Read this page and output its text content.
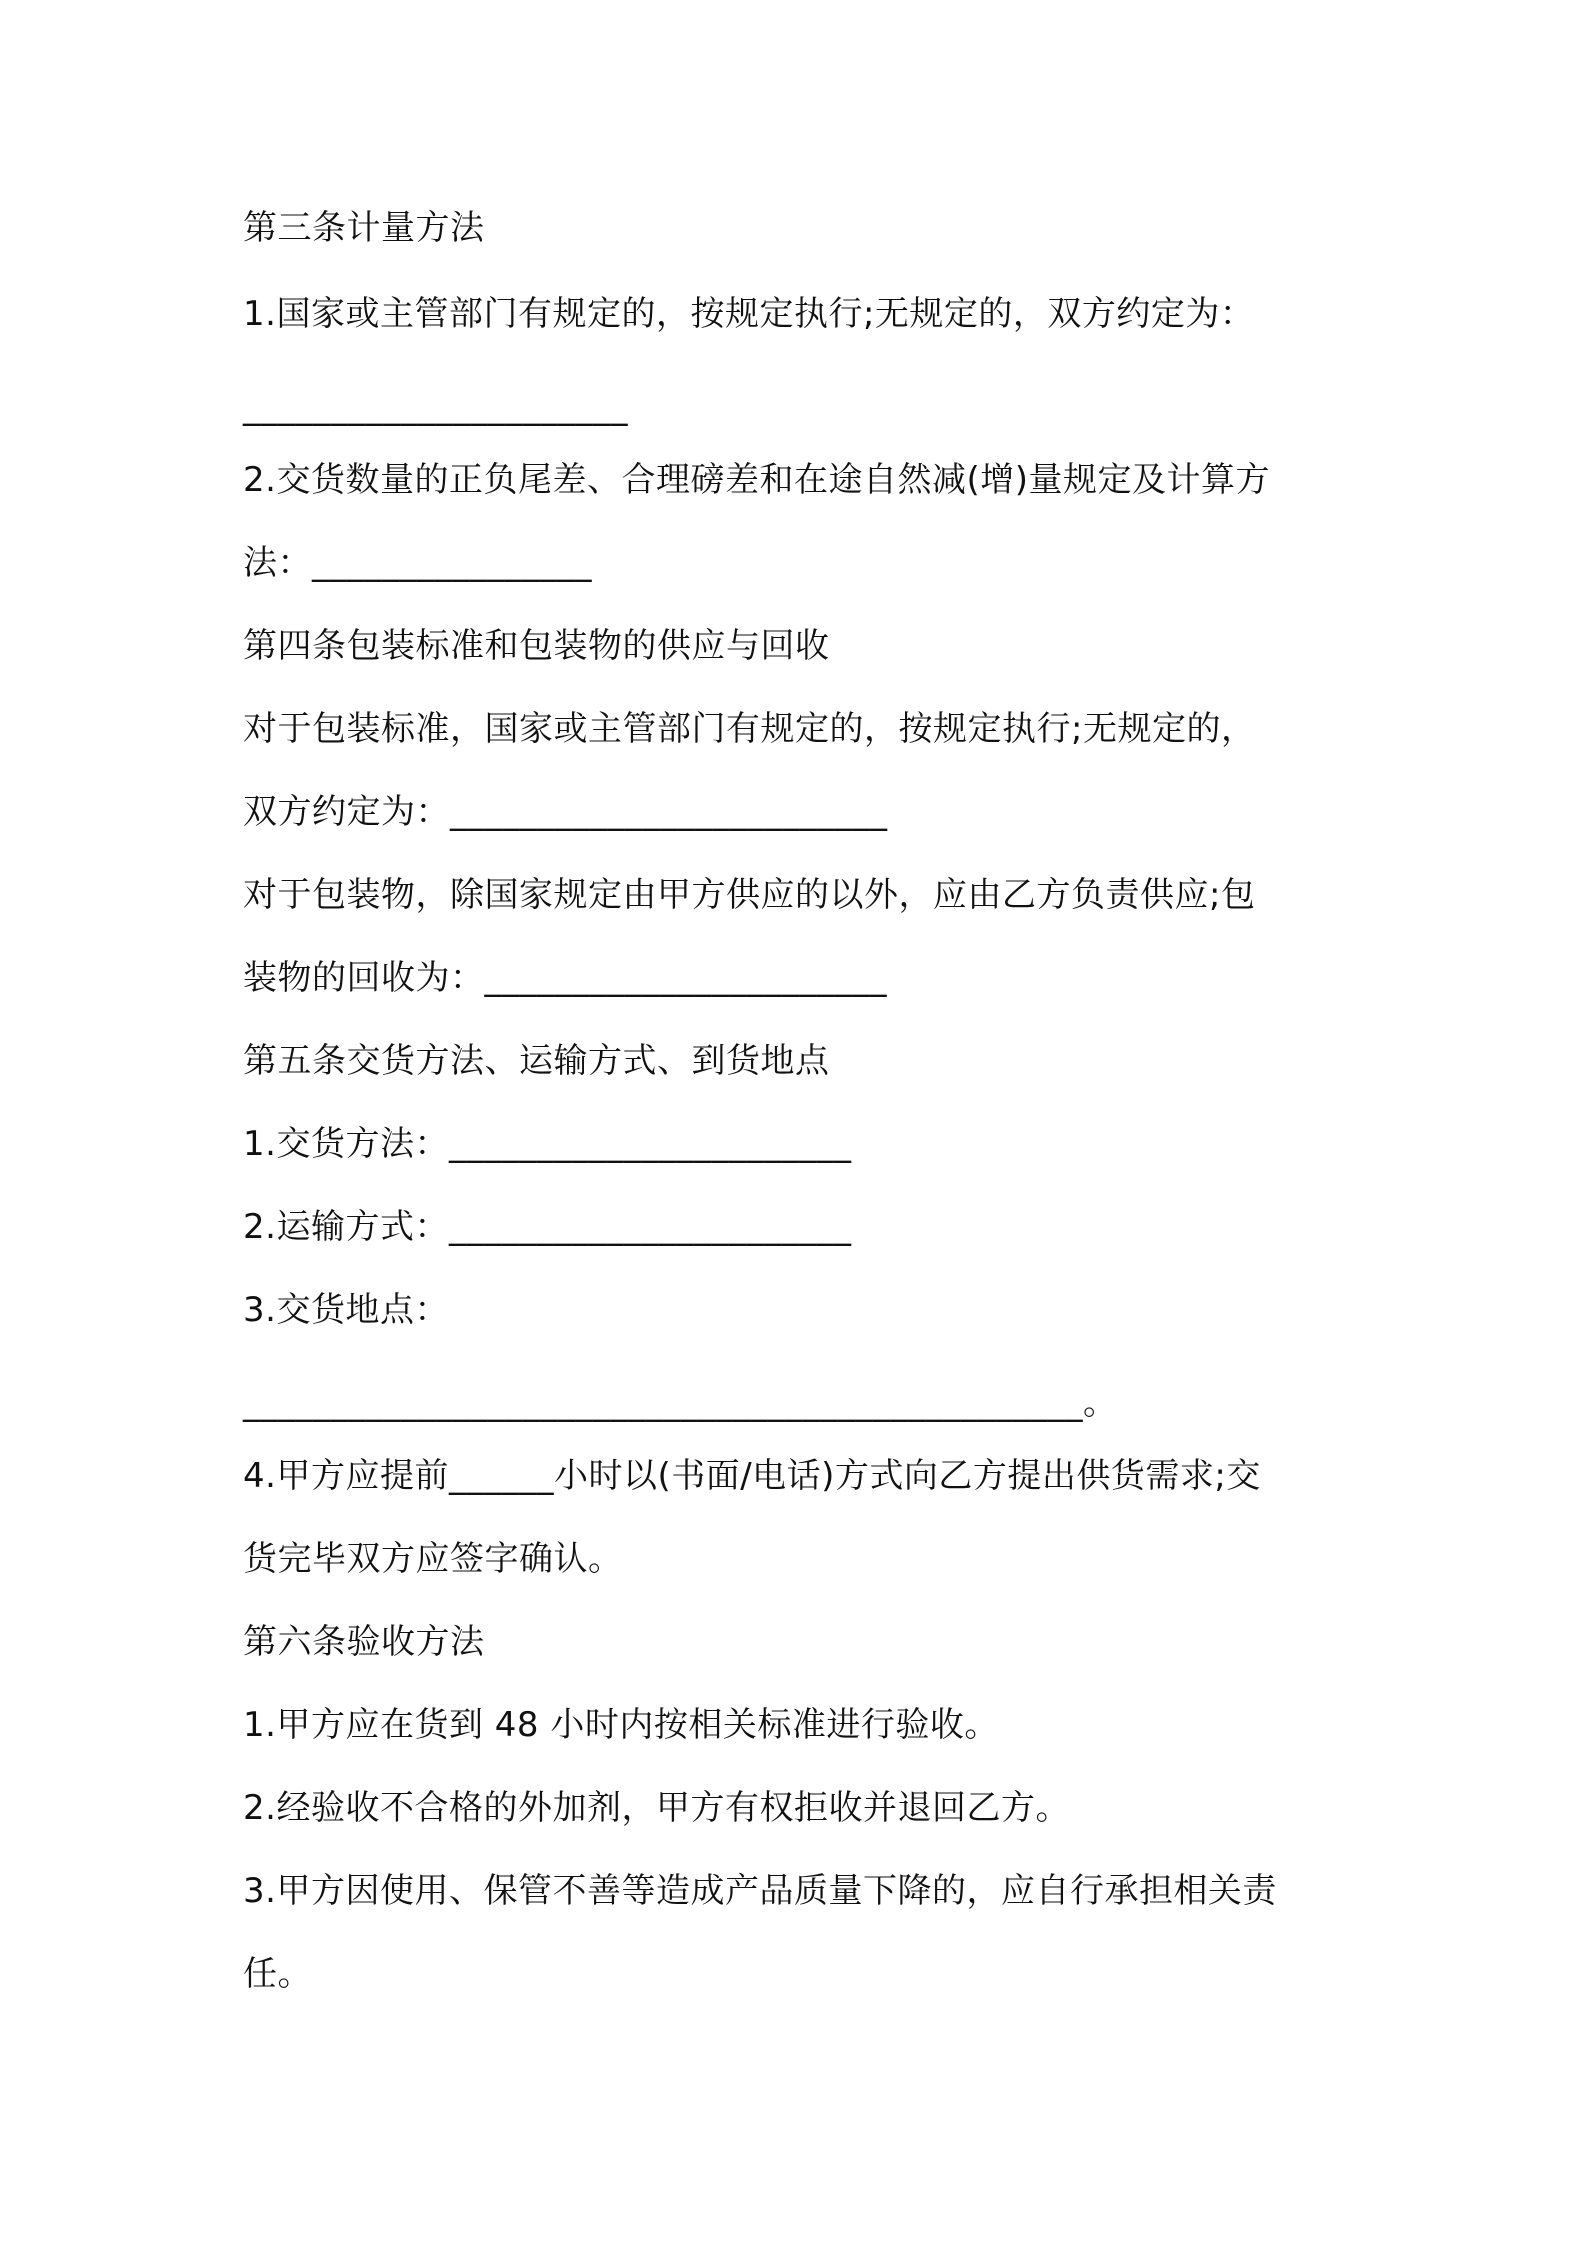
第三条计量方法
1.国家或主管部门有规定的，按规定执行;无规定的，双方约定为：
______________________
2.交货数量的正负尾差、合理磅差和在途自然减(增)量规定及计算方
法：________________
第四条包装标准和包装物的供应与回收
对于包装标准，国家或主管部门有规定的，按规定执行;无规定的，
双方约定为：_________________________
对于包装物，除国家规定由甲方供应的以外，应由乙方负责供应;包
装物的回收为：_______________________
第五条交货方法、运输方式、到货地点
1.交货方法：_______________________
2.运输方式：_______________________
3.交货地点：
________________________________________________。
4.甲方应提前______小时以(书面/电话)方式向乙方提出供货需求;交
货完毕双方应签字确认。
第六条验收方法
1.甲方应在货到 48 小时内按相关标准进行验收。
2.经验收不合格的外加剂，甲方有权拒收并退回乙方。
3.甲方因使用、保管不善等造成产品质量下降的，应自行承担相关责
任。
